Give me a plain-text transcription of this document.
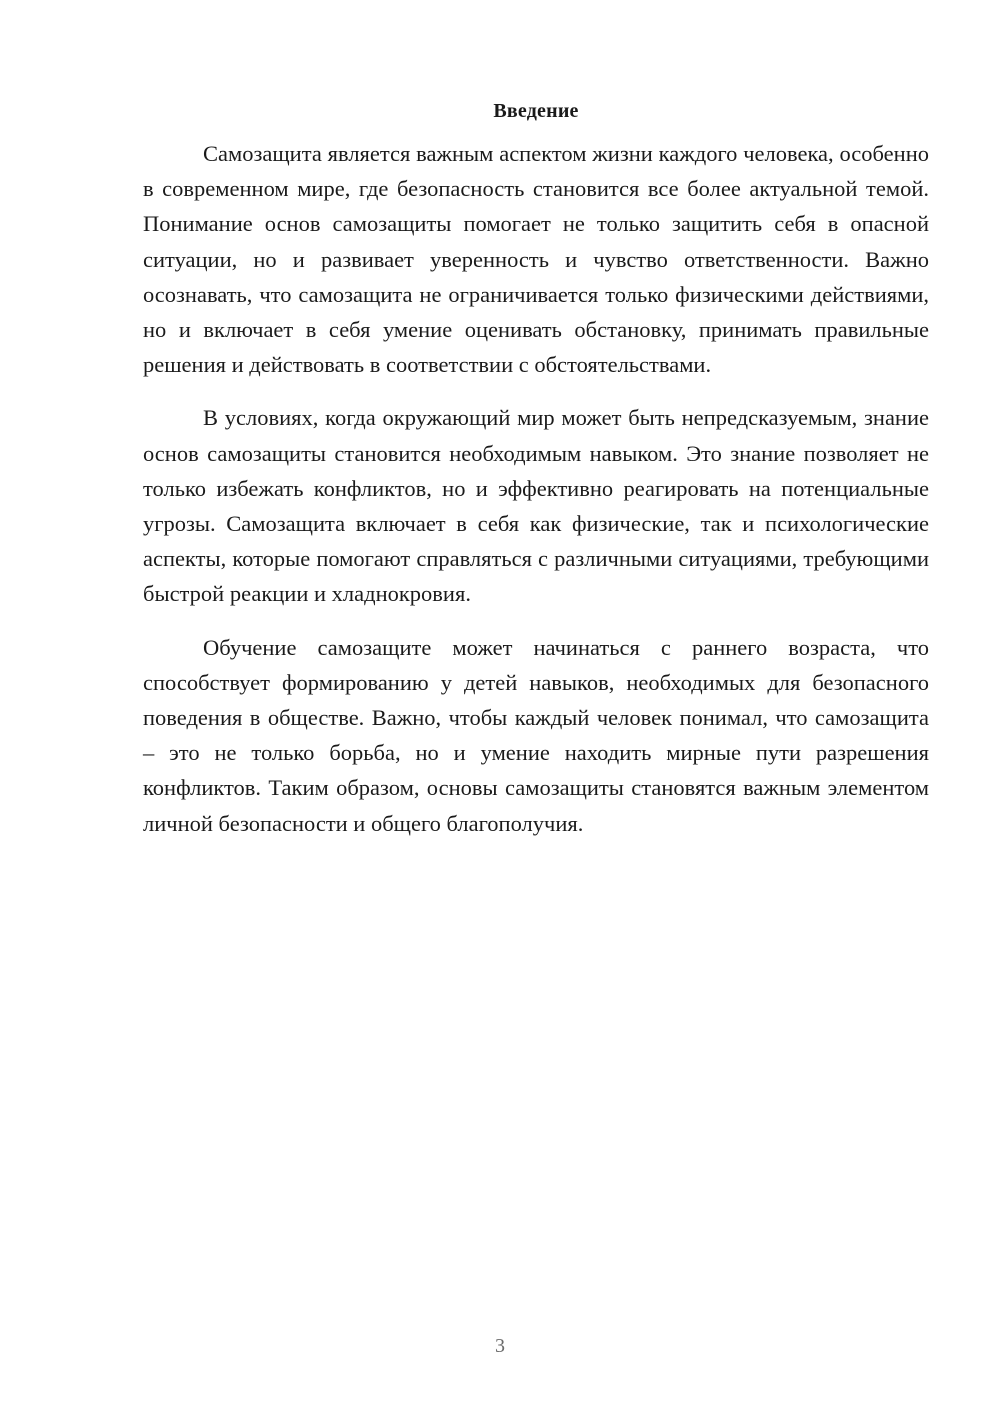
Введение

Самозащита является важным аспектом жизни каждого человека, особенно в современном мире, где безопасность становится все более актуальной темой. Понимание основ самозащиты помогает не только защитить себя в опасной ситуации, но и развивает уверенность и чувство ответственности. Важно осознавать, что самозащита не ограничивается только физическими действиями, но и включает в себя умение оценивать обстановку, принимать правильные решения и действовать в соответствии с обстоятельствами.

В условиях, когда окружающий мир может быть непредсказуемым, знание основ самозащиты становится необходимым навыком. Это знание позволяет не только избежать конфликтов, но и эффективно реагировать на потенциальные угрозы. Самозащита включает в себя как физические, так и психологические аспекты, которые помогают справляться с различными ситуациями, требующими быстрой реакции и хладнокровия.

Обучение самозащите может начинаться с раннего возраста, что способствует формированию у детей навыков, необходимых для безопасного поведения в обществе. Важно, чтобы каждый человек понимал, что самозащита – это не только борьба, но и умение находить мирные пути разрешения конфликтов. Таким образом, основы самозащиты становятся важным элементом личной безопасности и общего благополучия.

3
